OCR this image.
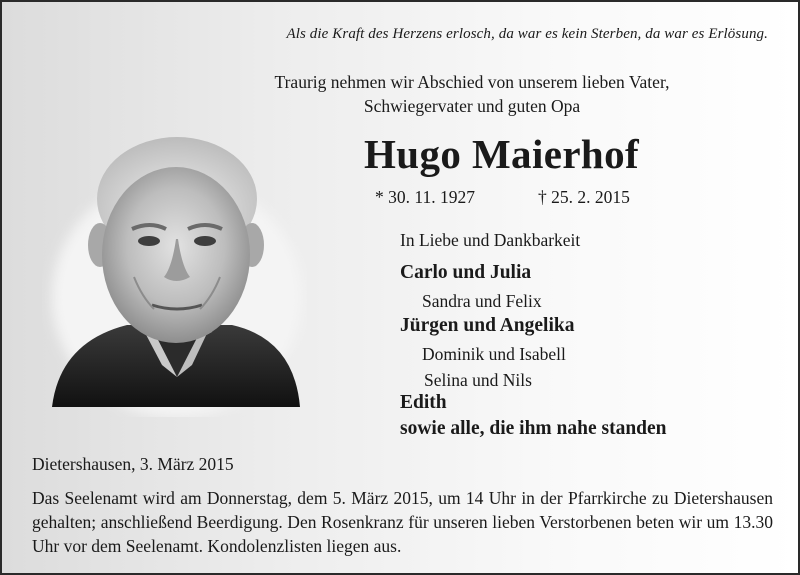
Als die Kraft des Herzens erlosch, da war es kein Sterben, da war es Erlösung.
Traurig nehmen wir Abschied von unserem lieben Vater,
Schwiegervater und guten Opa
Hugo Maierhof
* 30. 11. 1927	† 25. 2. 2015
In Liebe und Dankbarkeit
Carlo und Julia
Sandra und Felix
Jürgen und Angelika
Dominik und Isabell
Selina und Nils
Edith
sowie alle, die ihm nahe standen
Dietershausen, 3. März 2015
Das Seelenamt wird am Donnerstag, dem 5. März 2015, um 14 Uhr in der Pfarrkirche zu Dietershausen gehalten; anschließend Beerdigung. Den Rosenkranz für unseren lieben Verstorbenen beten wir um 13.30 Uhr vor dem Seelenamt. Kondolenzlisten liegen aus.
